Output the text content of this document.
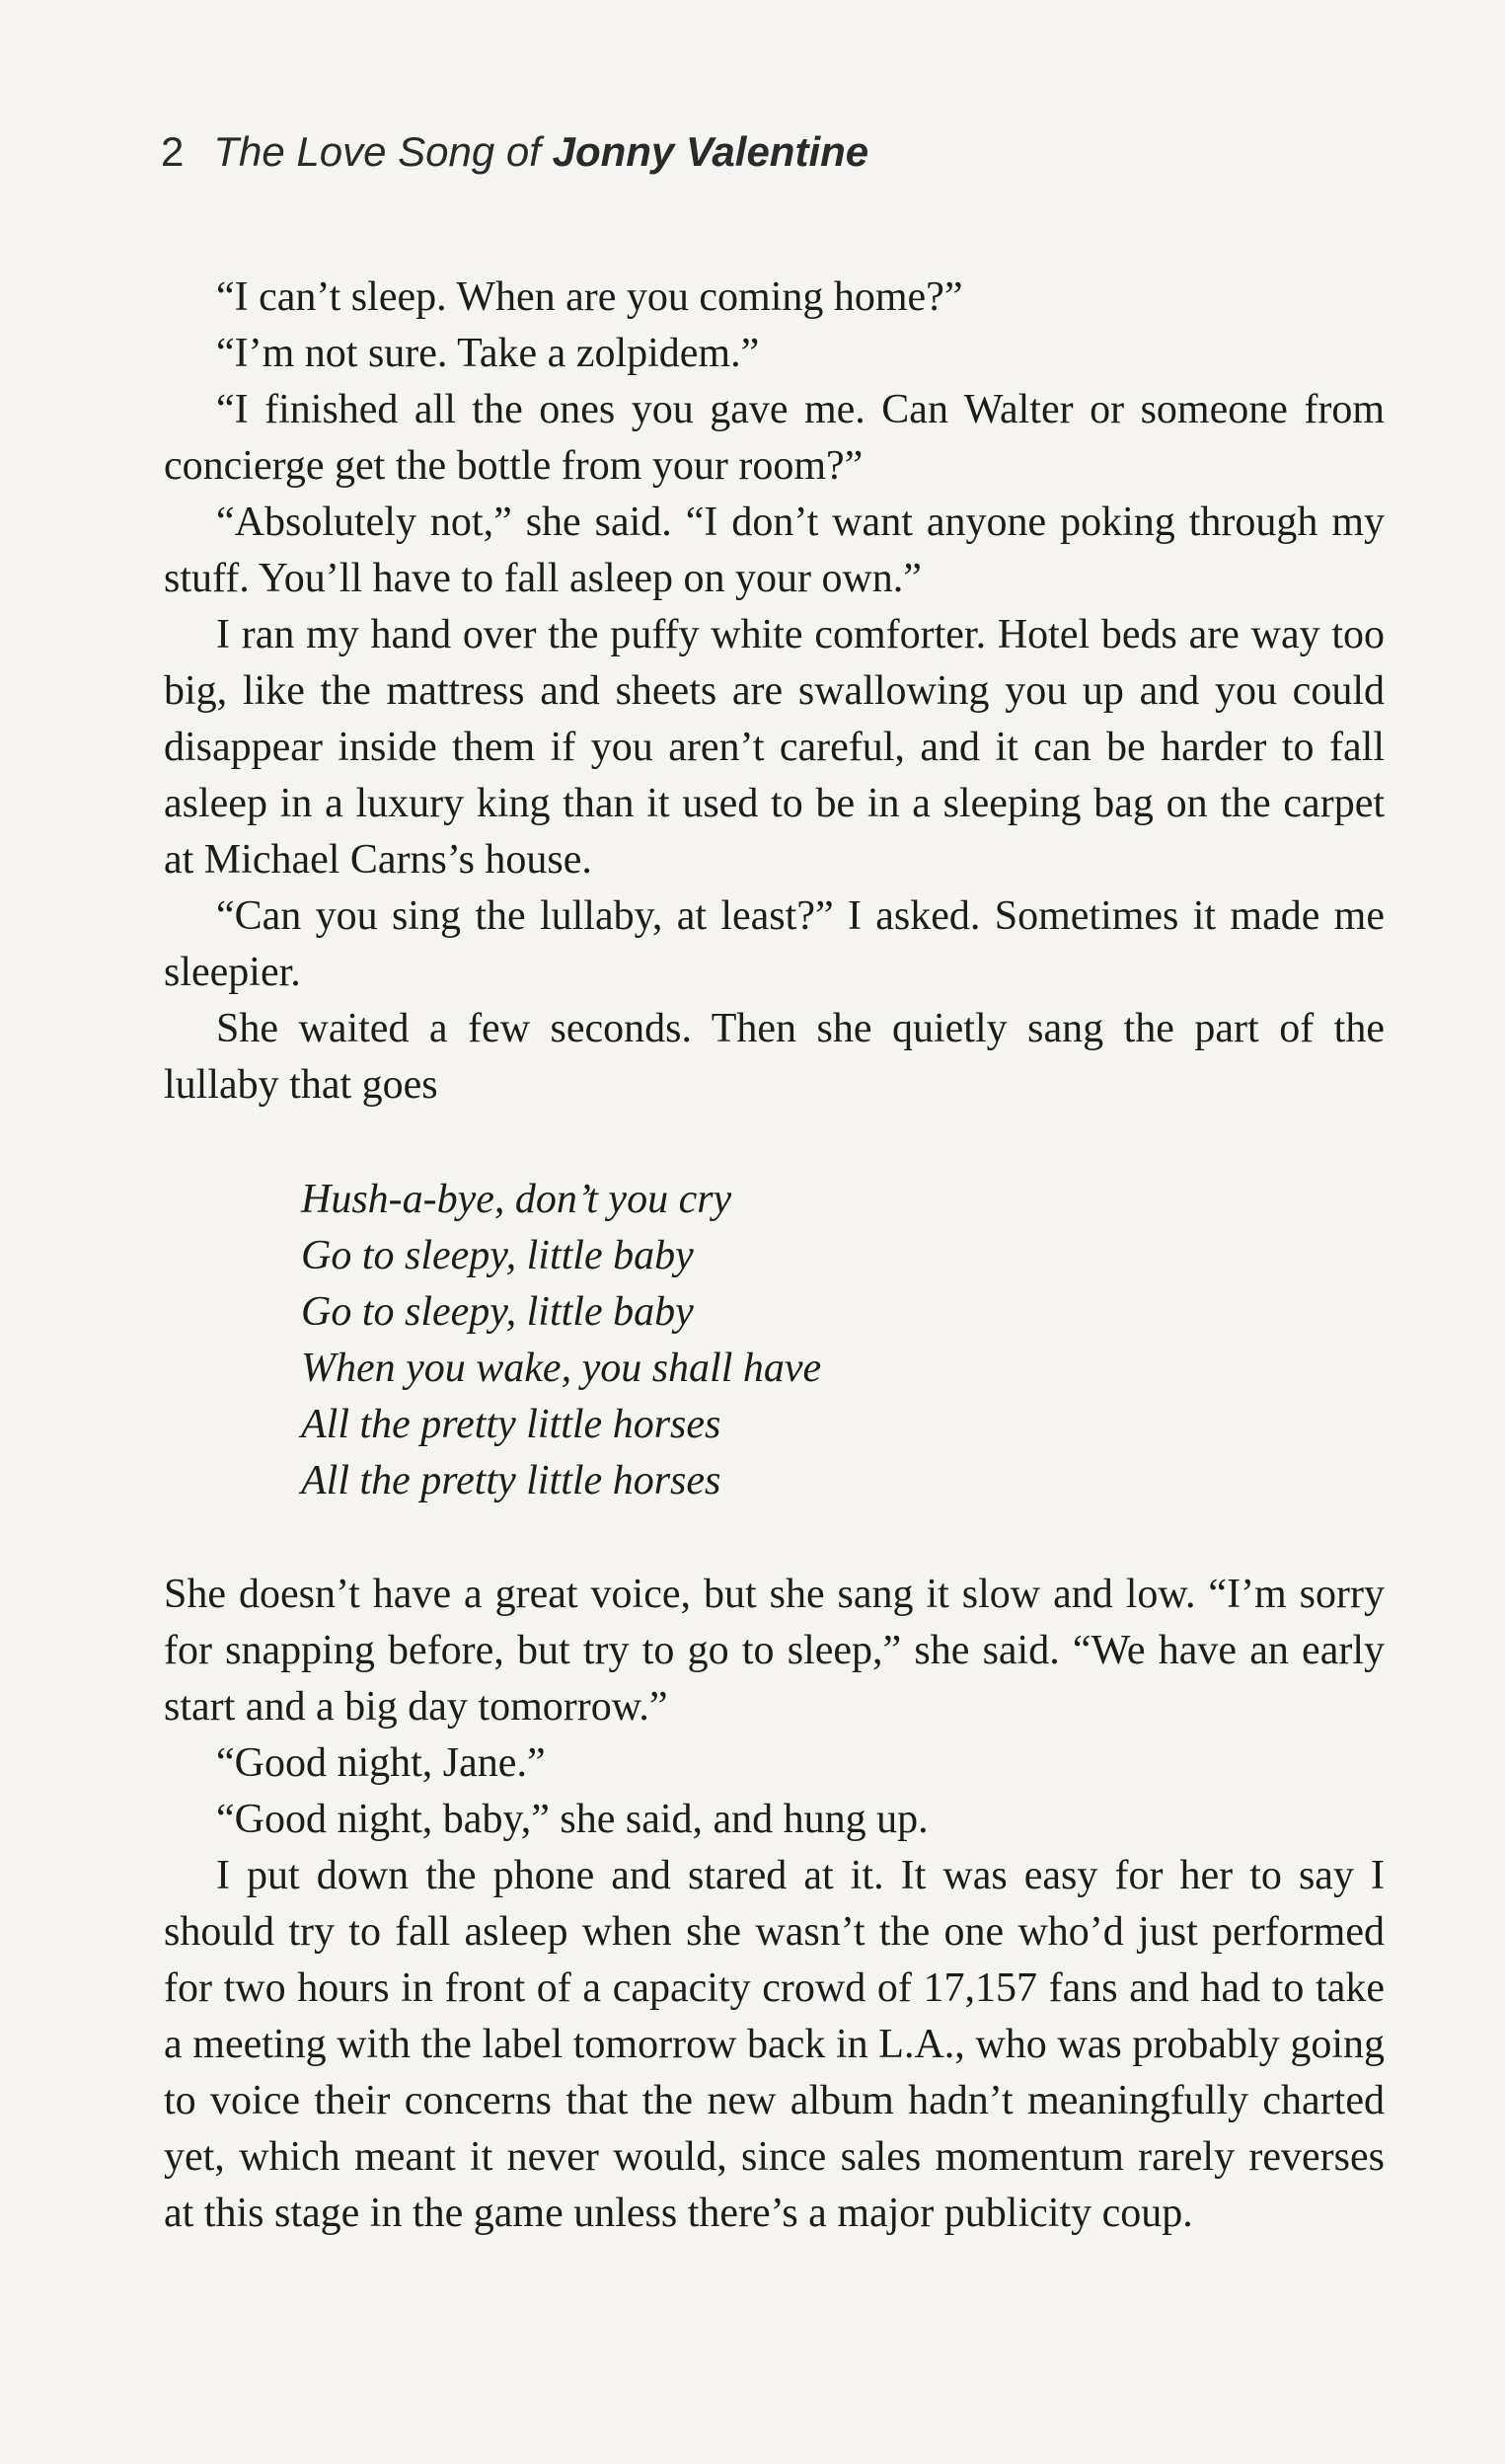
2 The Love Song of Jonny Valentine

“I can’t sleep. When are you coming home?”

“I’m not sure. Take a zolpidem.”

“I finished all the ones you gave me. Can Walter or someone from concierge get the bottle from your room?”

“Absolutely not,” she said. “I don’t want anyone poking through my stuff. You’ll have to fall asleep on your own.”

I ran my hand over the puffy white comforter. Hotel beds are way too big, like the mattress and sheets are swallowing you up and you could disappear inside them if you aren’t careful, and it can be harder to fall asleep in a luxury king than it used to be in a sleeping bag on the carpet at Michael Carns’s house.

“Can you sing the lullaby, at least?” I asked. Sometimes it made me sleepier.

She waited a few seconds. Then she quietly sang the part of the lullaby that goes

Hush-a-bye, don’t you cry
Go to sleepy, little baby
Go to sleepy, little baby
When you wake, you shall have
All the pretty little horses
All the pretty little horses

She doesn’t have a great voice, but she sang it slow and low. “I’m sorry for snapping before, but try to go to sleep,” she said. “We have an early start and a big day tomorrow.”

“Good night, Jane.”

“Good night, baby,” she said, and hung up.

I put down the phone and stared at it. It was easy for her to say I should try to fall asleep when she wasn’t the one who’d just performed for two hours in front of a capacity crowd of 17,157 fans and had to take a meeting with the label tomorrow back in L.A., who was probably going to voice their concerns that the new album hadn’t meaningfully charted yet, which meant it never would, since sales momentum rarely reverses at this stage in the game unless there’s a major publicity coup.
